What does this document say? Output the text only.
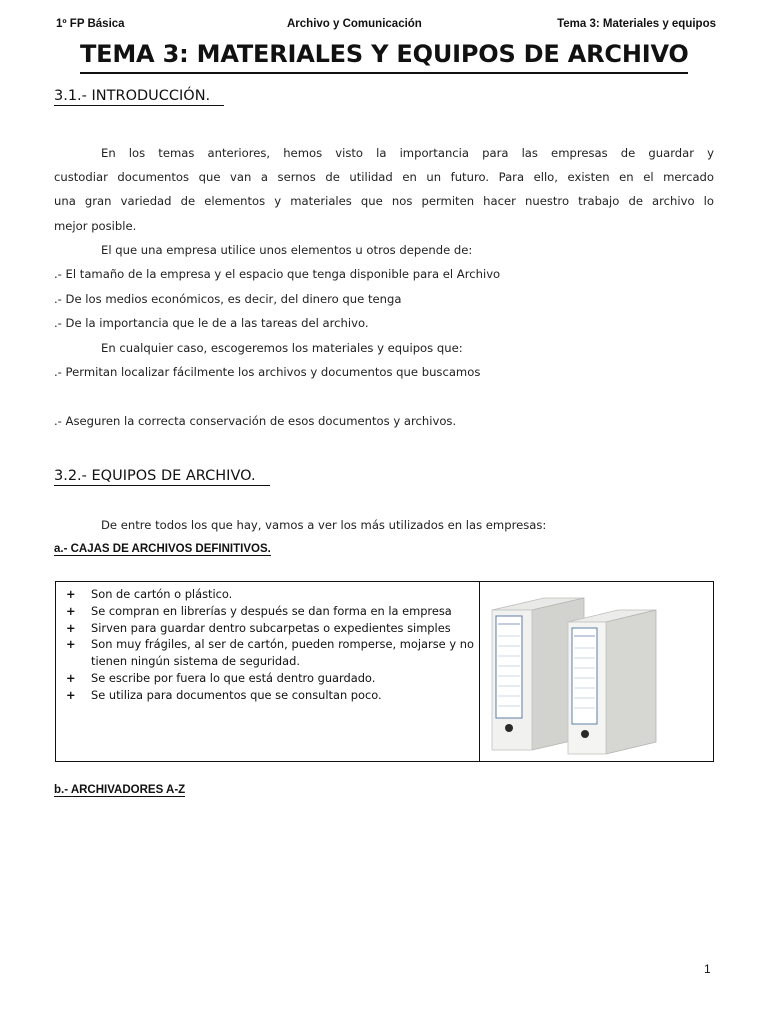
1º FP Básica	Archivo y Comunicación	Tema 3: Materiales y equipos
TEMA 3: MATERIALES Y EQUIPOS DE ARCHIVO
3.1.- INTRODUCCIÓN.
En los temas anteriores, hemos visto la importancia para las empresas de guardar y
custodiar documentos que van a sernos de utilidad en un futuro. Para ello, existen en el mercado
una gran variedad de elementos y materiales que nos permiten hacer nuestro trabajo de archivo lo
mejor posible.
El que una empresa utilice unos elementos u otros depende de:
.- El tamaño de la empresa y el espacio que tenga disponible para el Archivo
.- De los medios económicos, es decir, del dinero que tenga
.- De la importancia que le de a las tareas del archivo.
En cualquier caso, escogeremos los materiales y equipos que:
.- Permitan localizar fácilmente los archivos y documentos que buscamos
.- Aseguren la correcta conservación de esos documentos y archivos.
3.2.- EQUIPOS DE ARCHIVO.
De entre todos los que hay, vamos a ver los más utilizados en las empresas:
a.- CAJAS DE ARCHIVOS DEFINITIVOS.
+ Son de cartón o plástico.
+ Se compran en librerías y después se dan forma en la empresa
+ Sirven para guardar dentro subcarpetas o expedientes simples
+ Son muy frágiles, al ser de cartón, pueden romperse, mojarse y no tienen ningún sistema de seguridad.
+ Se escribe por fuera lo que está dentro guardado.
+ Se utiliza para documentos que se consultan poco.
b.- ARCHIVADORES A-Z
1
